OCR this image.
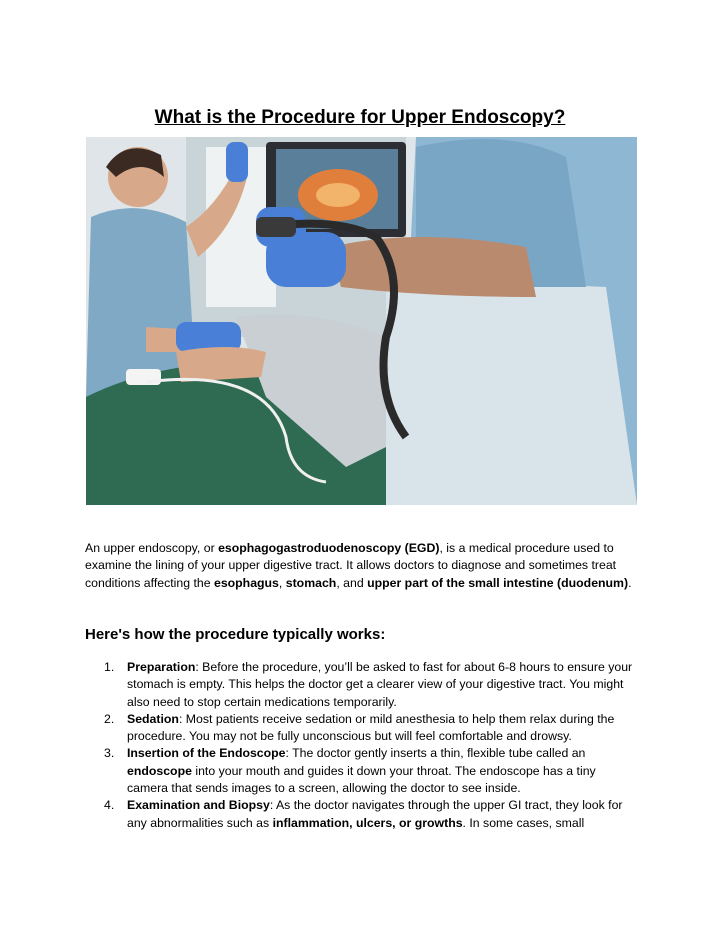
What is the Procedure for Upper Endoscopy?

An upper endoscopy, or esophagogastroduodenoscopy (EGD), is a medical procedure used to examine the lining of your upper digestive tract. It allows doctors to diagnose and sometimes treat conditions affecting the esophagus, stomach, and upper part of the small intestine (duodenum).

Here's how the procedure typically works:
1. Preparation: Before the procedure, you’ll be asked to fast for about 6-8 hours to ensure your stomach is empty. This helps the doctor get a clearer view of your digestive tract. You might also need to stop certain medications temporarily.
2. Sedation: Most patients receive sedation or mild anesthesia to help them relax during the procedure. You may not be fully unconscious but will feel comfortable and drowsy.
3. Insertion of the Endoscope: The doctor gently inserts a thin, flexible tube called an endoscope into your mouth and guides it down your throat. The endoscope has a tiny camera that sends images to a screen, allowing the doctor to see inside.
4. Examination and Biopsy: As the doctor navigates through the upper GI tract, they look for any abnormalities such as inflammation, ulcers, or growths. In some cases, small
